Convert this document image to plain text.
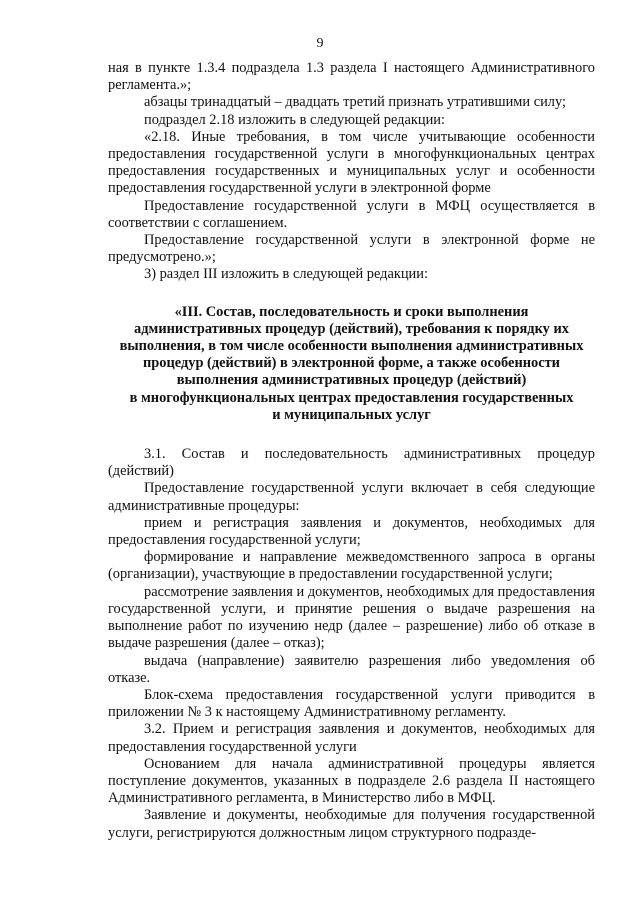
9

ная в пункте 1.3.4 подраздела 1.3 раздела I настоящего Административного регламента.»;

абзацы тринадцатый – двадцать третий признать утратившими силу;

подраздел 2.18 изложить в следующей редакции:

«2.18. Иные требования, в том числе учитывающие особенности предоставления государственной услуги в многофункциональных центрах предоставления государственных и муниципальных услуг и особенности предоставления государственной услуги в электронной форме

Предоставление государственной услуги в МФЦ осуществляется в соответствии с соглашением.

Предоставление государственной услуги в электронной форме не предусмотрено.»;

3) раздел III изложить в следующей редакции:

«III. Состав, последовательность и сроки выполнения
административных процедур (действий), требования к порядку их
выполнения, в том числе особенности выполнения административных
процедур (действий) в электронной форме, а также особенности
выполнения административных процедур (действий)
в многофункциональных центрах предоставления государственных
и муниципальных услуг

3.1. Состав и последовательность административных процедур (действий)

Предоставление государственной услуги включает в себя следующие административные процедуры:

прием и регистрация заявления и документов, необходимых для предоставления государственной услуги;

формирование и направление межведомственного запроса в органы (организации), участвующие в предоставлении государственной услуги;

рассмотрение заявления и документов, необходимых для предоставления государственной услуги, и принятие решения о выдаче разрешения на выполнение работ по изучению недр (далее – разрешение) либо об отказе в выдаче разрешения (далее – отказ);

выдача (направление) заявителю разрешения либо уведомления об отказе.

Блок-схема предоставления государственной услуги приводится в приложении № 3 к настоящему Административному регламенту.

3.2. Прием и регистрация заявления и документов, необходимых для предоставления государственной услуги

Основанием для начала административной процедуры является поступление документов, указанных в подразделе 2.6 раздела II настоящего Административного регламента, в Министерство либо в МФЦ.

Заявление и документы, необходимые для получения государственной услуги, регистрируются должностным лицом структурного подразде-
